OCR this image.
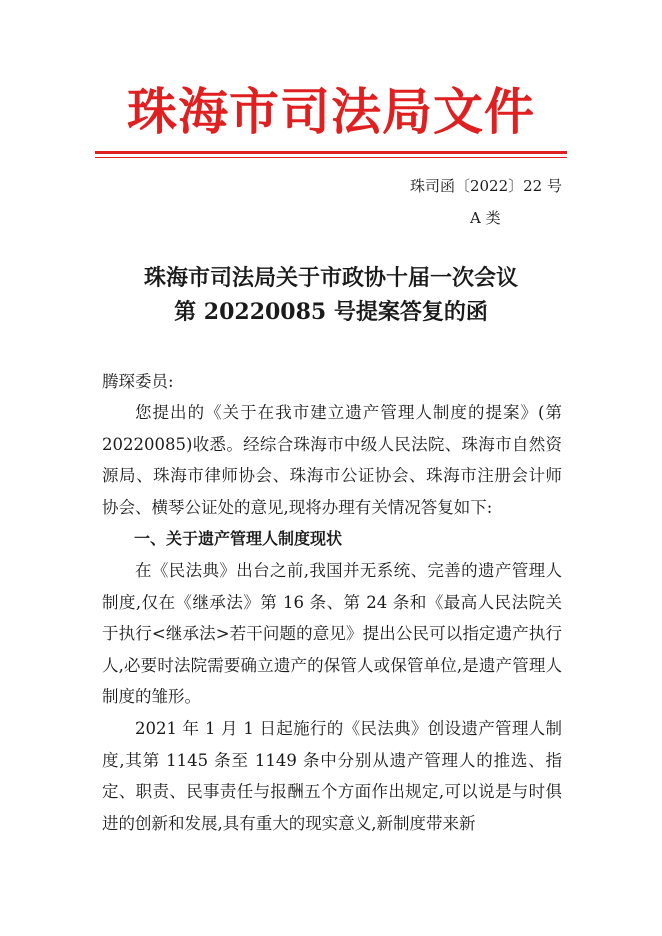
珠海市司法局文件
珠司函〔2022〕22 号
A 类
珠海市司法局关于市政协十届一次会议
第 20220085 号提案答复的函
腾琛委员:
您提出的《关于在我市建立遗产管理人制度的提案》(第 20220085)收悉。经综合珠海市中级人民法院、珠海市自然资源局、珠海市律师协会、珠海市公证协会、珠海市注册会计师协会、横琴公证处的意见,现将办理有关情况答复如下:
一、关于遗产管理人制度现状
在《民法典》出台之前,我国并无系统、完善的遗产管理人制度,仅在《继承法》第 16 条、第 24 条和《最高人民法院关于执行<继承法>若干问题的意见》提出公民可以指定遗产执行人,必要时法院需要确立遗产的保管人或保管单位,是遗产管理人制度的雏形。
2021 年 1 月 1 日起施行的《民法典》创设遗产管理人制度,其第 1145 条至 1149 条中分别从遗产管理人的推选、指定、职责、民事责任与报酬五个方面作出规定,可以说是与时俱进的创新和发展,具有重大的现实意义,新制度带来新
